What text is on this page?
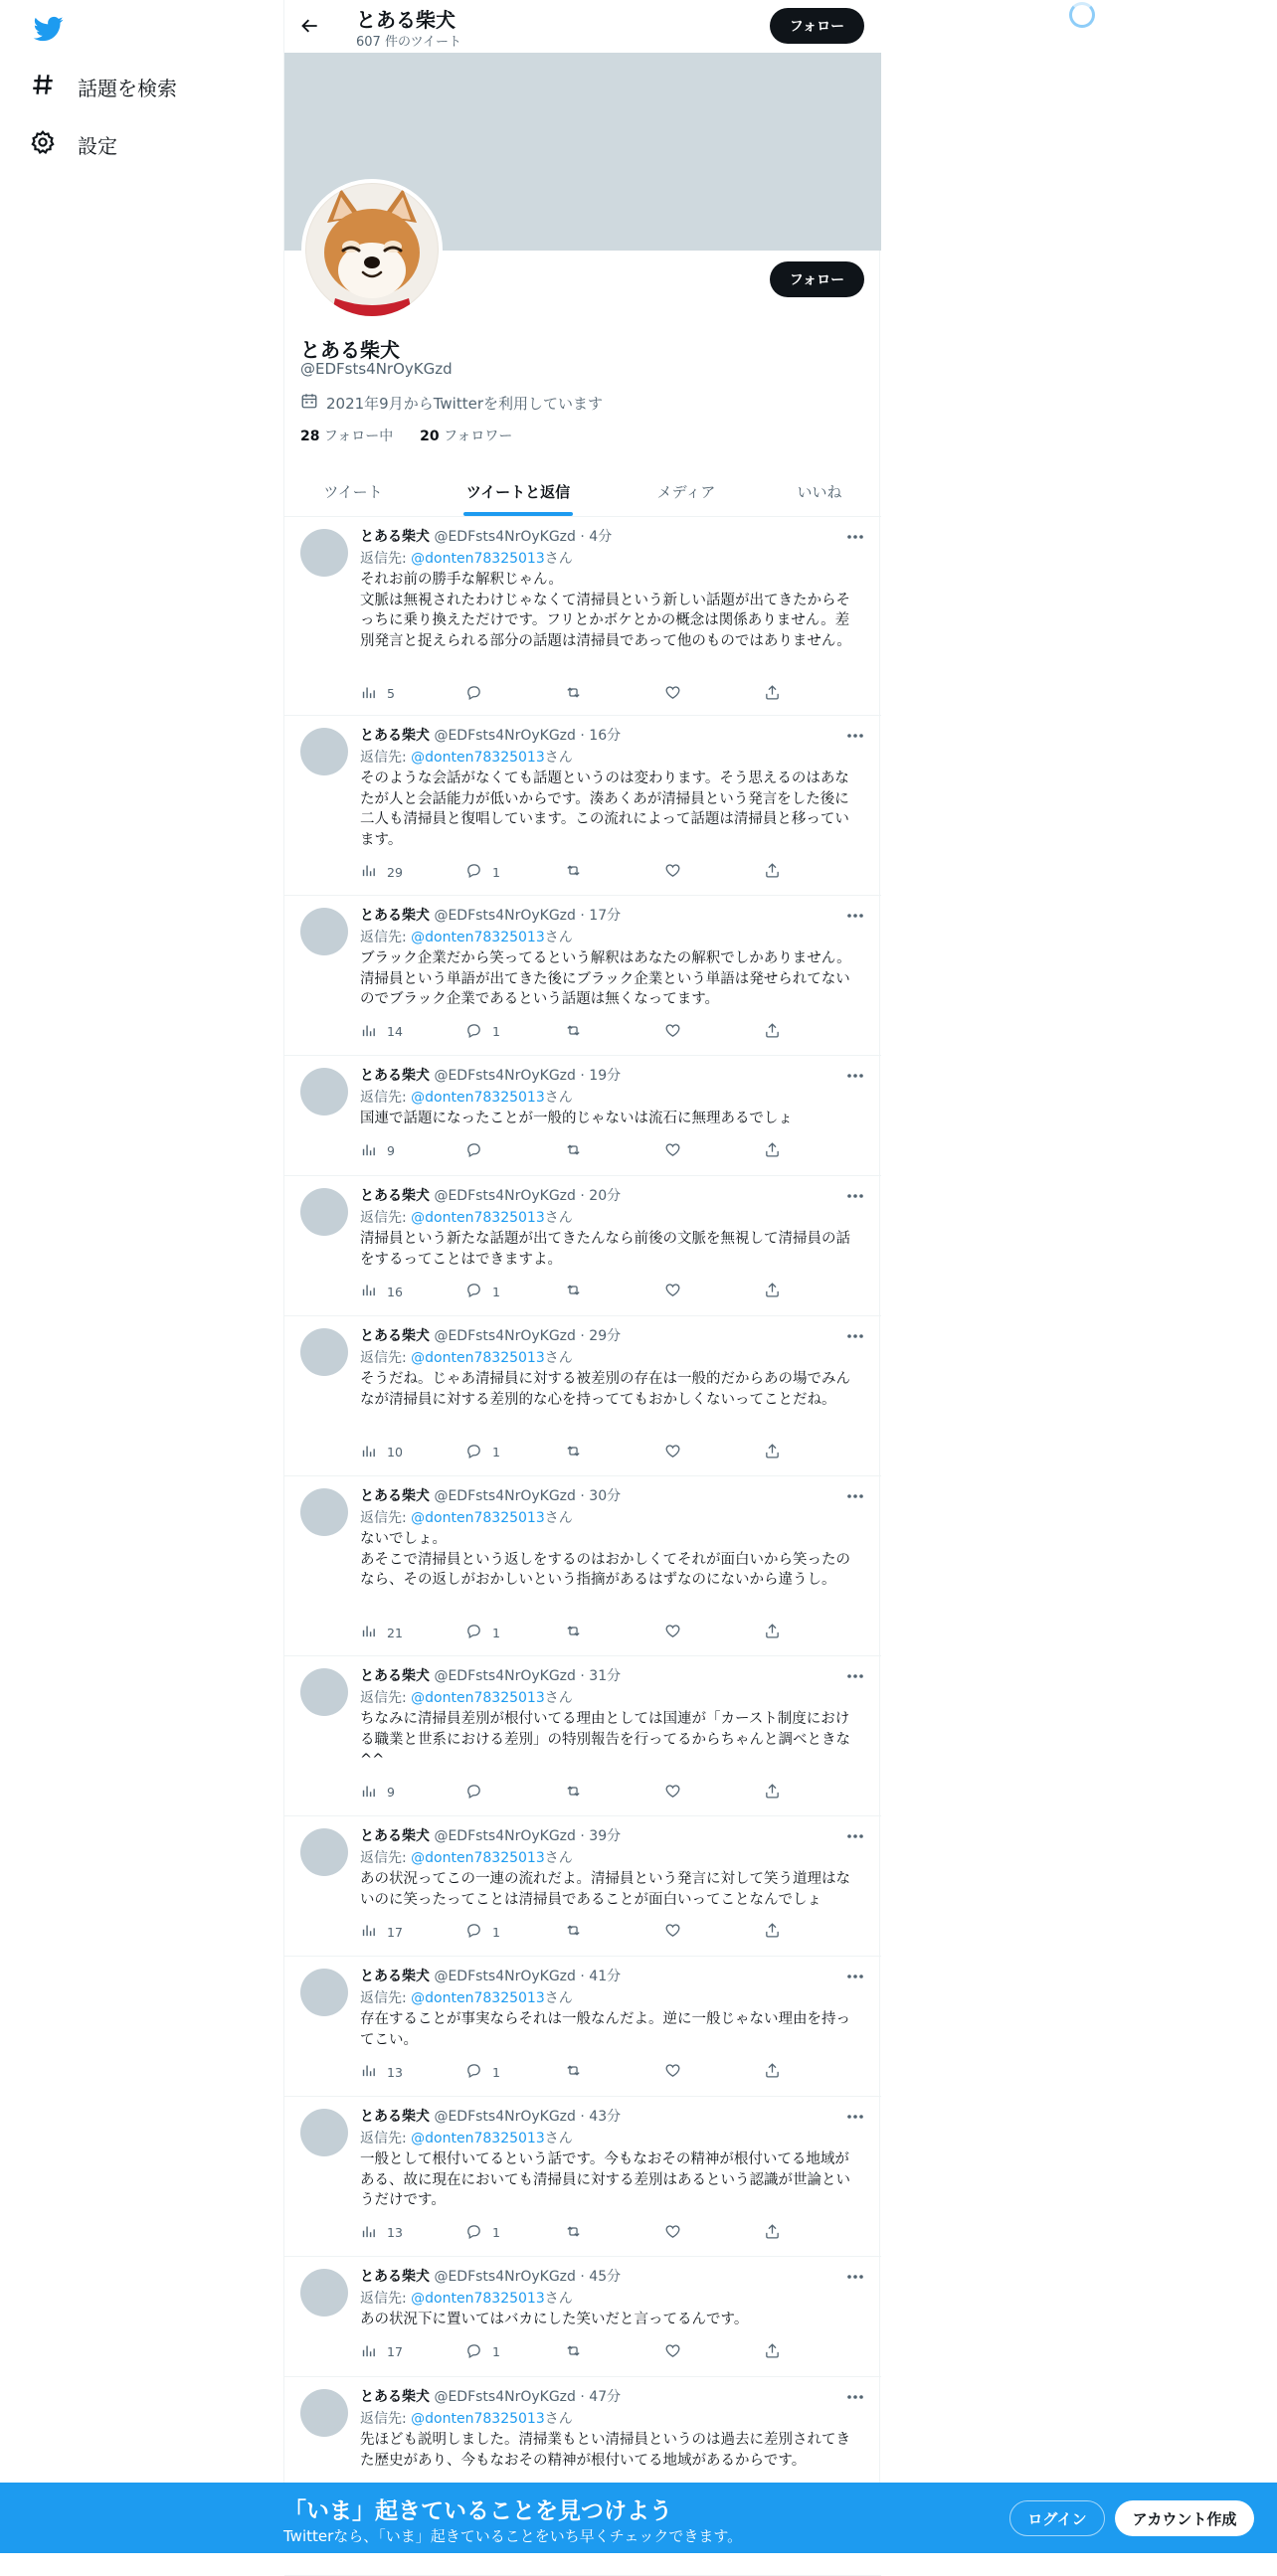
話題を検索
設定
とある柴犬
607 件のツイート
フォロー
フォロー
とある柴犬
@EDFsts4NrOyKGzd
2021年9月からTwitterを利用しています
28 フォロー中 20 フォロワー
ツイート	ツイートと返信	メディア	いいね
とある柴犬 @EDFsts4NrOyKGzd · 4分
返信先: @donten78325013さん
それお前の勝手な解釈じゃん。
文脈は無視されたわけじゃなくて清掃員という新しい話題が出てきたからそっちに乗り換えただけです。フリとかボケとかの概念は関係ありません。差別発言と捉えられる部分の話題は清掃員であって他のものではありません。
5
とある柴犬 @EDFsts4NrOyKGzd · 16分
返信先: @donten78325013さん
そのような会話がなくても話題というのは変わります。そう思えるのはあなたが人と会話能力が低いからです。湊あくあが清掃員という発言をした後に二人も清掃員と復唱しています。この流れによって話題は清掃員と移っています。
29	1
とある柴犬 @EDFsts4NrOyKGzd · 17分
返信先: @donten78325013さん
ブラック企業だから笑ってるという解釈はあなたの解釈でしかありません。清掃員という単語が出てきた後にブラック企業という単語は発せられてないのでブラック企業であるという話題は無くなってます。
14	1
とある柴犬 @EDFsts4NrOyKGzd · 19分
返信先: @donten78325013さん
国連で話題になったことが一般的じゃないは流石に無理あるでしょ
9
とある柴犬 @EDFsts4NrOyKGzd · 20分
返信先: @donten78325013さん
清掃員という新たな話題が出てきたんなら前後の文脈を無視して清掃員の話をするってことはできますよ。
16	1
とある柴犬 @EDFsts4NrOyKGzd · 29分
返信先: @donten78325013さん
そうだね。じゃあ清掃員に対する被差別の存在は一般的だからあの場でみんなが清掃員に対する差別的な心を持っててもおかしくないってことだね。
10	1
とある柴犬 @EDFsts4NrOyKGzd · 30分
返信先: @donten78325013さん
ないでしょ。
あそこで清掃員という返しをするのはおかしくてそれが面白いから笑ったのなら、その返しがおかしいという指摘があるはずなのにないから違うし。
21	1
とある柴犬 @EDFsts4NrOyKGzd · 31分
返信先: @donten78325013さん
ちなみに清掃員差別が根付いてる理由としては国連が「カースト制度における職業と世系における差別」の特別報告を行ってるからちゃんと調べときな^^
9
とある柴犬 @EDFsts4NrOyKGzd · 39分
返信先: @donten78325013さん
あの状況ってこの一連の流れだよ。清掃員という発言に対して笑う道理はないのに笑ったってことは清掃員であることが面白いってことなんでしょ
17	1
とある柴犬 @EDFsts4NrOyKGzd · 41分
返信先: @donten78325013さん
存在することが事実ならそれは一般なんだよ。逆に一般じゃない理由を持ってこい。
13	1
とある柴犬 @EDFsts4NrOyKGzd · 43分
返信先: @donten78325013さん
一般として根付いてるという話です。今もなおその精神が根付いてる地域がある、故に現在においても清掃員に対する差別はあるという認識が世論というだけです。
13	1
とある柴犬 @EDFsts4NrOyKGzd · 45分
返信先: @donten78325013さん
あの状況下に置いてはバカにした笑いだと言ってるんです。
17	1
とある柴犬 @EDFsts4NrOyKGzd · 47分
返信先: @donten78325013さん
先ほども説明しました。清掃業もとい清掃員というのは過去に差別されてきた歴史があり、今もなおその精神が根付いてる地域があるからです。
「いま」起きていることを見つけよう
Twitterなら、「いま」起きていることをいち早くチェックできます。
ログイン	アカウント作成
